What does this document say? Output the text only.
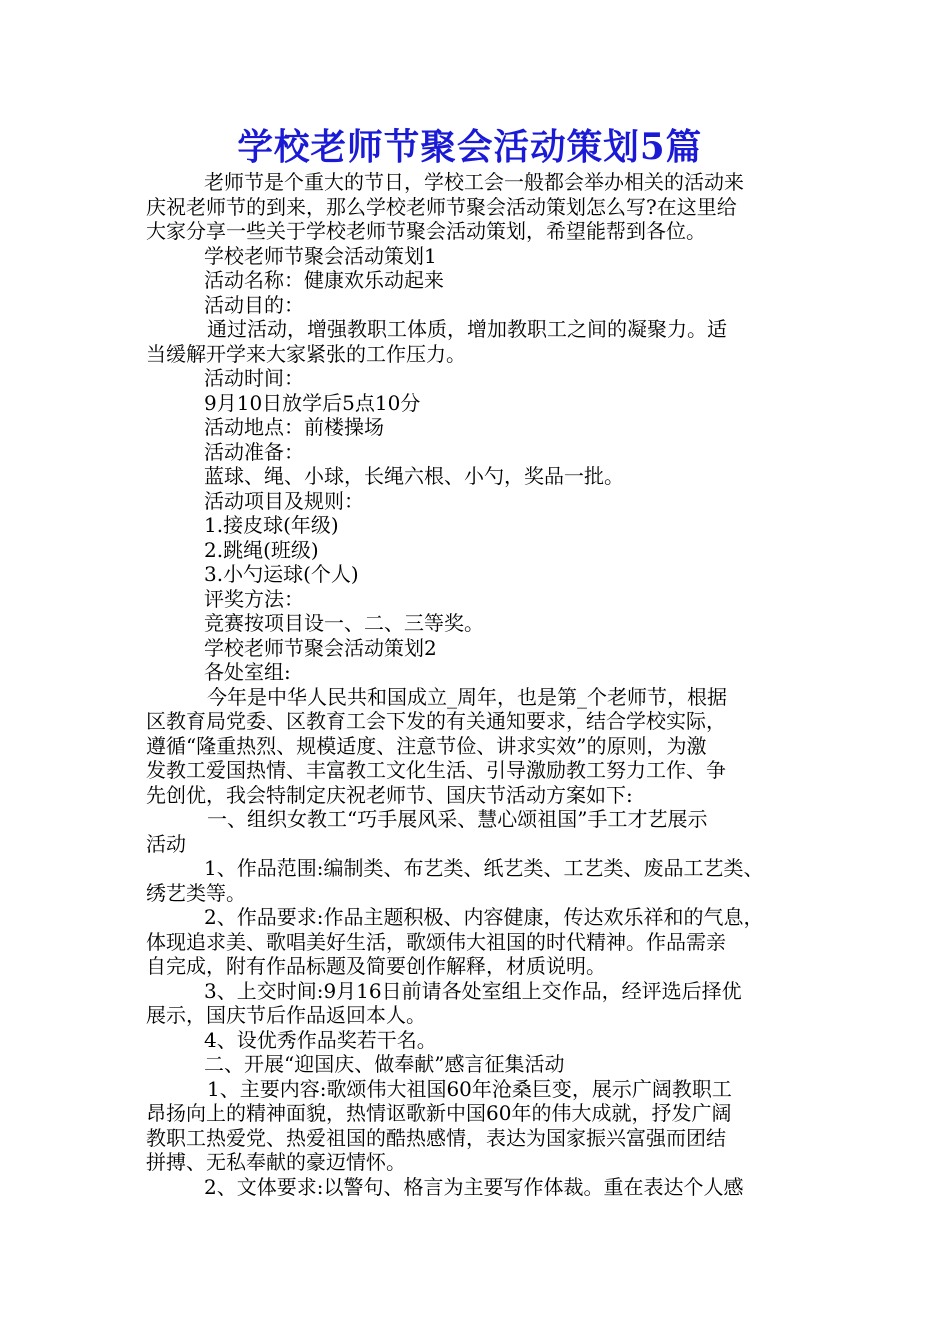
学校老师节聚会活动策划5篇
老师节是个重大的节日，学校工会一般都会举办相关的活动来
庆祝老师节的到来，那么学校老师节聚会活动策划怎么写?在这里给
大家分享一些关于学校老师节聚会活动策划，希望能帮到各位。
学校老师节聚会活动策划1
活动名称：健康欢乐动起来
活动目的：
通过活动，增强教职工体质，增加教职工之间的凝聚力。适
当缓解开学来大家紧张的工作压力。
活动时间：
9月10日放学后5点10分
活动地点：前楼操场
活动准备：
蓝球、绳、小球，长绳六根、小勺，奖品一批。
活动项目及规则：
1.接皮球(年级)
2.跳绳(班级)
3.小勺运球(个人)
评奖方法：
竞赛按项目设一、二、三等奖。
学校老师节聚会活动策划2
各处室组:
今年是中华人民共和国成立_周年，也是第_个老师节，根据
区教育局党委、区教育工会下发的有关通知要求，结合学校实际，
遵循“隆重热烈、规模适度、注意节俭、讲求实效”的原则，为激
发教工爱国热情、丰富教工文化生活、引导激励教工努力工作、争
先创优，我会特制定庆祝老师节、国庆节活动方案如下:
一、组织女教工“巧手展风采、慧心颂祖国”手工才艺展示
活动
1、作品范围:编制类、布艺类、纸艺类、工艺类、废品工艺类、
绣艺类等。
2、作品要求:作品主题积极、内容健康，传达欢乐祥和的气息，
体现追求美、歌唱美好生活，歌颂伟大祖国的时代精神。作品需亲
自完成，附有作品标题及简要创作解释，材质说明。
3、上交时间:9月16日前请各处室组上交作品，经评选后择优
展示，国庆节后作品返回本人。
4、设优秀作品奖若干名。
二、开展“迎国庆、做奉献”感言征集活动
1、主要内容:歌颂伟大祖国60年沧桑巨变，展示广阔教职工
昂扬向上的精神面貌，热情讴歌新中国60年的伟大成就，抒发广阔
教职工热爱党、热爱祖国的酷热感情，表达为国家振兴富强而团结
拼搏、无私奉献的豪迈情怀。
2、文体要求:以警句、格言为主要写作体裁。重在表达个人感
